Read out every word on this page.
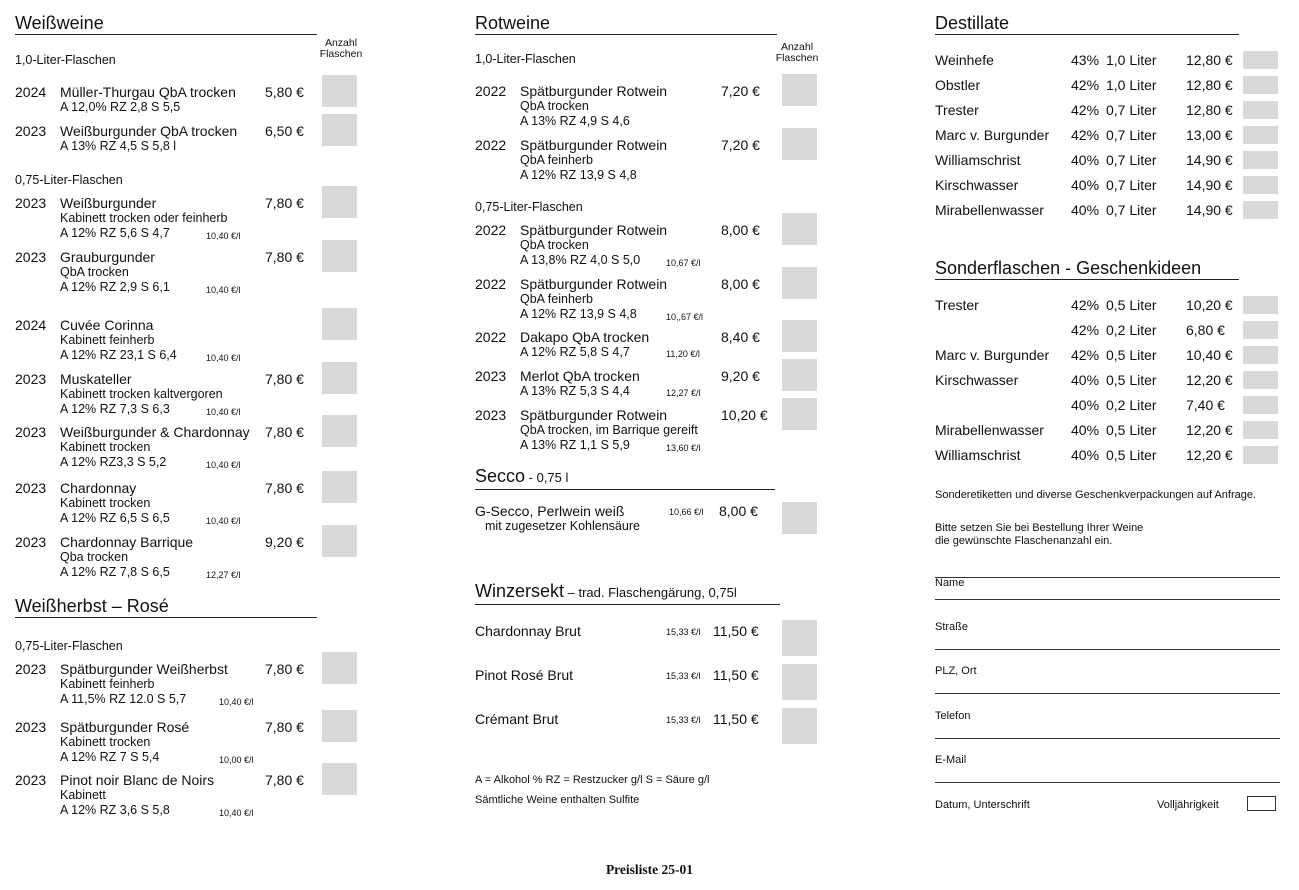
Weißweine
Anzahl
Flaschen
1,0-Liter-Flaschen
0,75-Liter-Flaschen
2024 Müller-Thurgau QbA trocken
A 12,0% RZ 2,8 S 5,5
5,80 €
2023 Weißburgunder QbA trocken
A 13% RZ 4,5 S 5,8 l
6,50 €
2023 Weißburgunder
Kabinett trocken oder feinherb
A 12% RZ 5,6 S 4,7	10,40 €/l
7,80 €
2023 Grauburgunder
QbA trocken
A 12% RZ 2,9 S 6,1	10,40 €/l
7,80 €
2024 Cuvée Corinna
Kabinett feinherb
A 12% RZ 23,1 S 6,4	10,40 €/l
2023 Muskateller
Kabinett trocken kaltvergoren
A 12% RZ 7,3 S 6,3	10,40 €/l
7,80 €
2023 Weißburgunder & Chardonnay
Kabinett trocken
A 12% RZ3,3 S 5,2	10,40 €/l
7,80 €
2023 Chardonnay
Kabinett trocken
A 12% RZ 6,5 S 6,5	10,40 €/l
7,80 €
2023 Chardonnay Barrique
Qba trocken
A 12% RZ 7,8 S 6,5	12,27 €/l
9,20 €
Weißherbst – Rosé
0,75-Liter-Flaschen
2023 Spätburgunder Weißherbst
Kabinett feinherb
A 11,5% RZ 12.0 S 5,7	10,40 €/l
7,80 €
2023 Spätburgunder Rosé
Kabinett trocken
A 12% RZ 7 S 5,4	10,00 €/l
7,80 €
2023 Pinot noir Blanc de Noirs
Kabinett
A 12% RZ 3,6 S 5,8	10,40 €/l
7,80 €
Rotweine
Anzahl
Flaschen
1,0-Liter-Flaschen
0,75-Liter-Flaschen
2022 Spätburgunder Rotwein
QbA trocken
A 13% RZ 4,9 S 4,6
7,20 €
2022 Spätburgunder Rotwein
QbA feinherb
A 12% RZ 13,9 S 4,8
7,20 €
2022 Spätburgunder Rotwein
QbA trocken
A 13,8% RZ 4,0 S 5,0	10,67 €/l
8,00 €
2022 Spätburgunder Rotwein
QbA feinherb
A 12% RZ 13,9 S 4,8	10,,67 €/l
8,00 €
2022 Dakapo QbA trocken
A 12% RZ 5,8 S 4,7	11,20 €/l
8,40 €
2023 Merlot QbA trocken
A 13% RZ 5,3 S 4,4	12,27 €/l
9,20 €
2023 Spätburgunder Rotwein
QbA trocken, im Barrique gereift
A 13% RZ 1,1 S 5,9	13,60 €/l
10,20 €
Secco - 0,75 l
G-Secco, Perlwein weiß
mit zugesetzer Kohlensäure
10,66 €/l 8,00 €
Winzersekt – trad. Flaschengärung, 0,75l
Chardonnay Brut	15,33 €/l 11,50 €
Pinot Rosé Brut	15,33 €/l 11,50 €
Crémant Brut	15,33 €/l 11,50 €
A = Alkohol % RZ = Restzucker g/l S = Säure g/l
Sämtliche Weine enthalten Sulfite
Destillate
Weinhefe	43% 1,0 Liter 12,80 €
Obstler	42% 1,0 Liter 12,80 €
Trester	42% 0,7 Liter 12,80 €
Marc v. Burgunder 42% 0,7 Liter 13,00 €
Williamschrist	40% 0,7 Liter 14,90 €
Kirschwasser	40% 0,7 Liter 14,90 €
Mirabellenwasser 40% 0,7 Liter 14,90 €
Sonderflaschen - Geschenkideen
Trester	42% 0,5 Liter 10,20 €
42% 0,2 Liter 6,80 €
Marc v. Burgunder 42% 0,5 Liter 10,40 €
Kirschwasser	40% 0,5 Liter 12,20 €
40% 0,2 Liter 7,40 €
Mirabellenwasser 40% 0,5 Liter 12,20 €
Williamschrist	40% 0,5 Liter 12,20 €
Sonderetiketten und diverse Geschenkverpackungen auf Anfrage.
Bitte setzen Sie bei Bestellung Ihrer Weine
die gewünschte Flaschenanzahl ein.
Name
Straße
PLZ, Ort
Telefon
E-Mail
Datum, Unterschrift	Volljährigkeit
Preisliste 25-01
